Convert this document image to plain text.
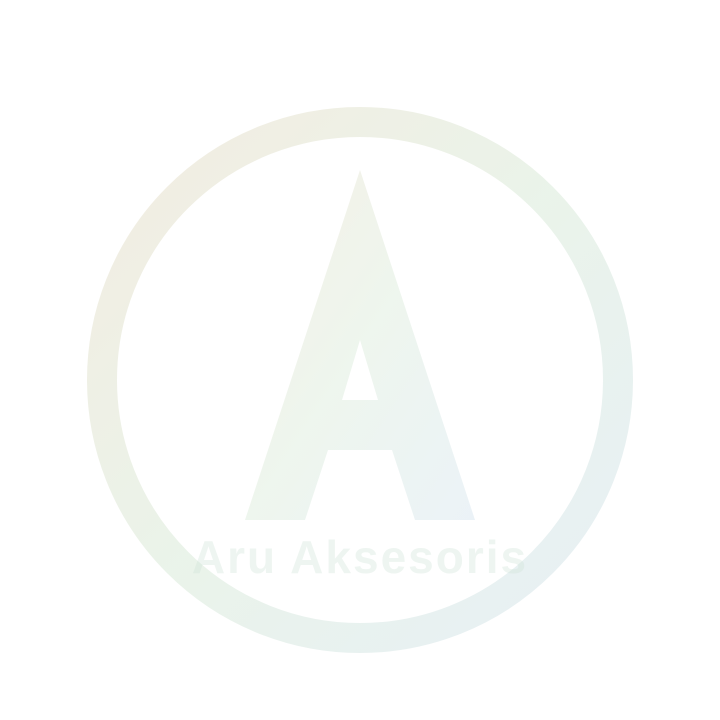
Tuas persneling/prosneling mobil/truck
gear knop
Bisa buat TRUCK / MOBIL PICK UP /
MOBIL PRIBADI.
KEDALAMAN LUBANG : 3CM
DRAT BAUT DOUBLE : drat 17 & drat 14
( UNIVERSAL )
~ Pemasangan simpel putar ke kanan
sampai kencang & sudah ada drat nya.
°°° Silahkan order barang ready stok terus!!!
Aman di tangan, bahan tidak mengelupas
Bisa Untuk semua jenis mobil, truck, pick
up, dll / (UNIVERSAL)
